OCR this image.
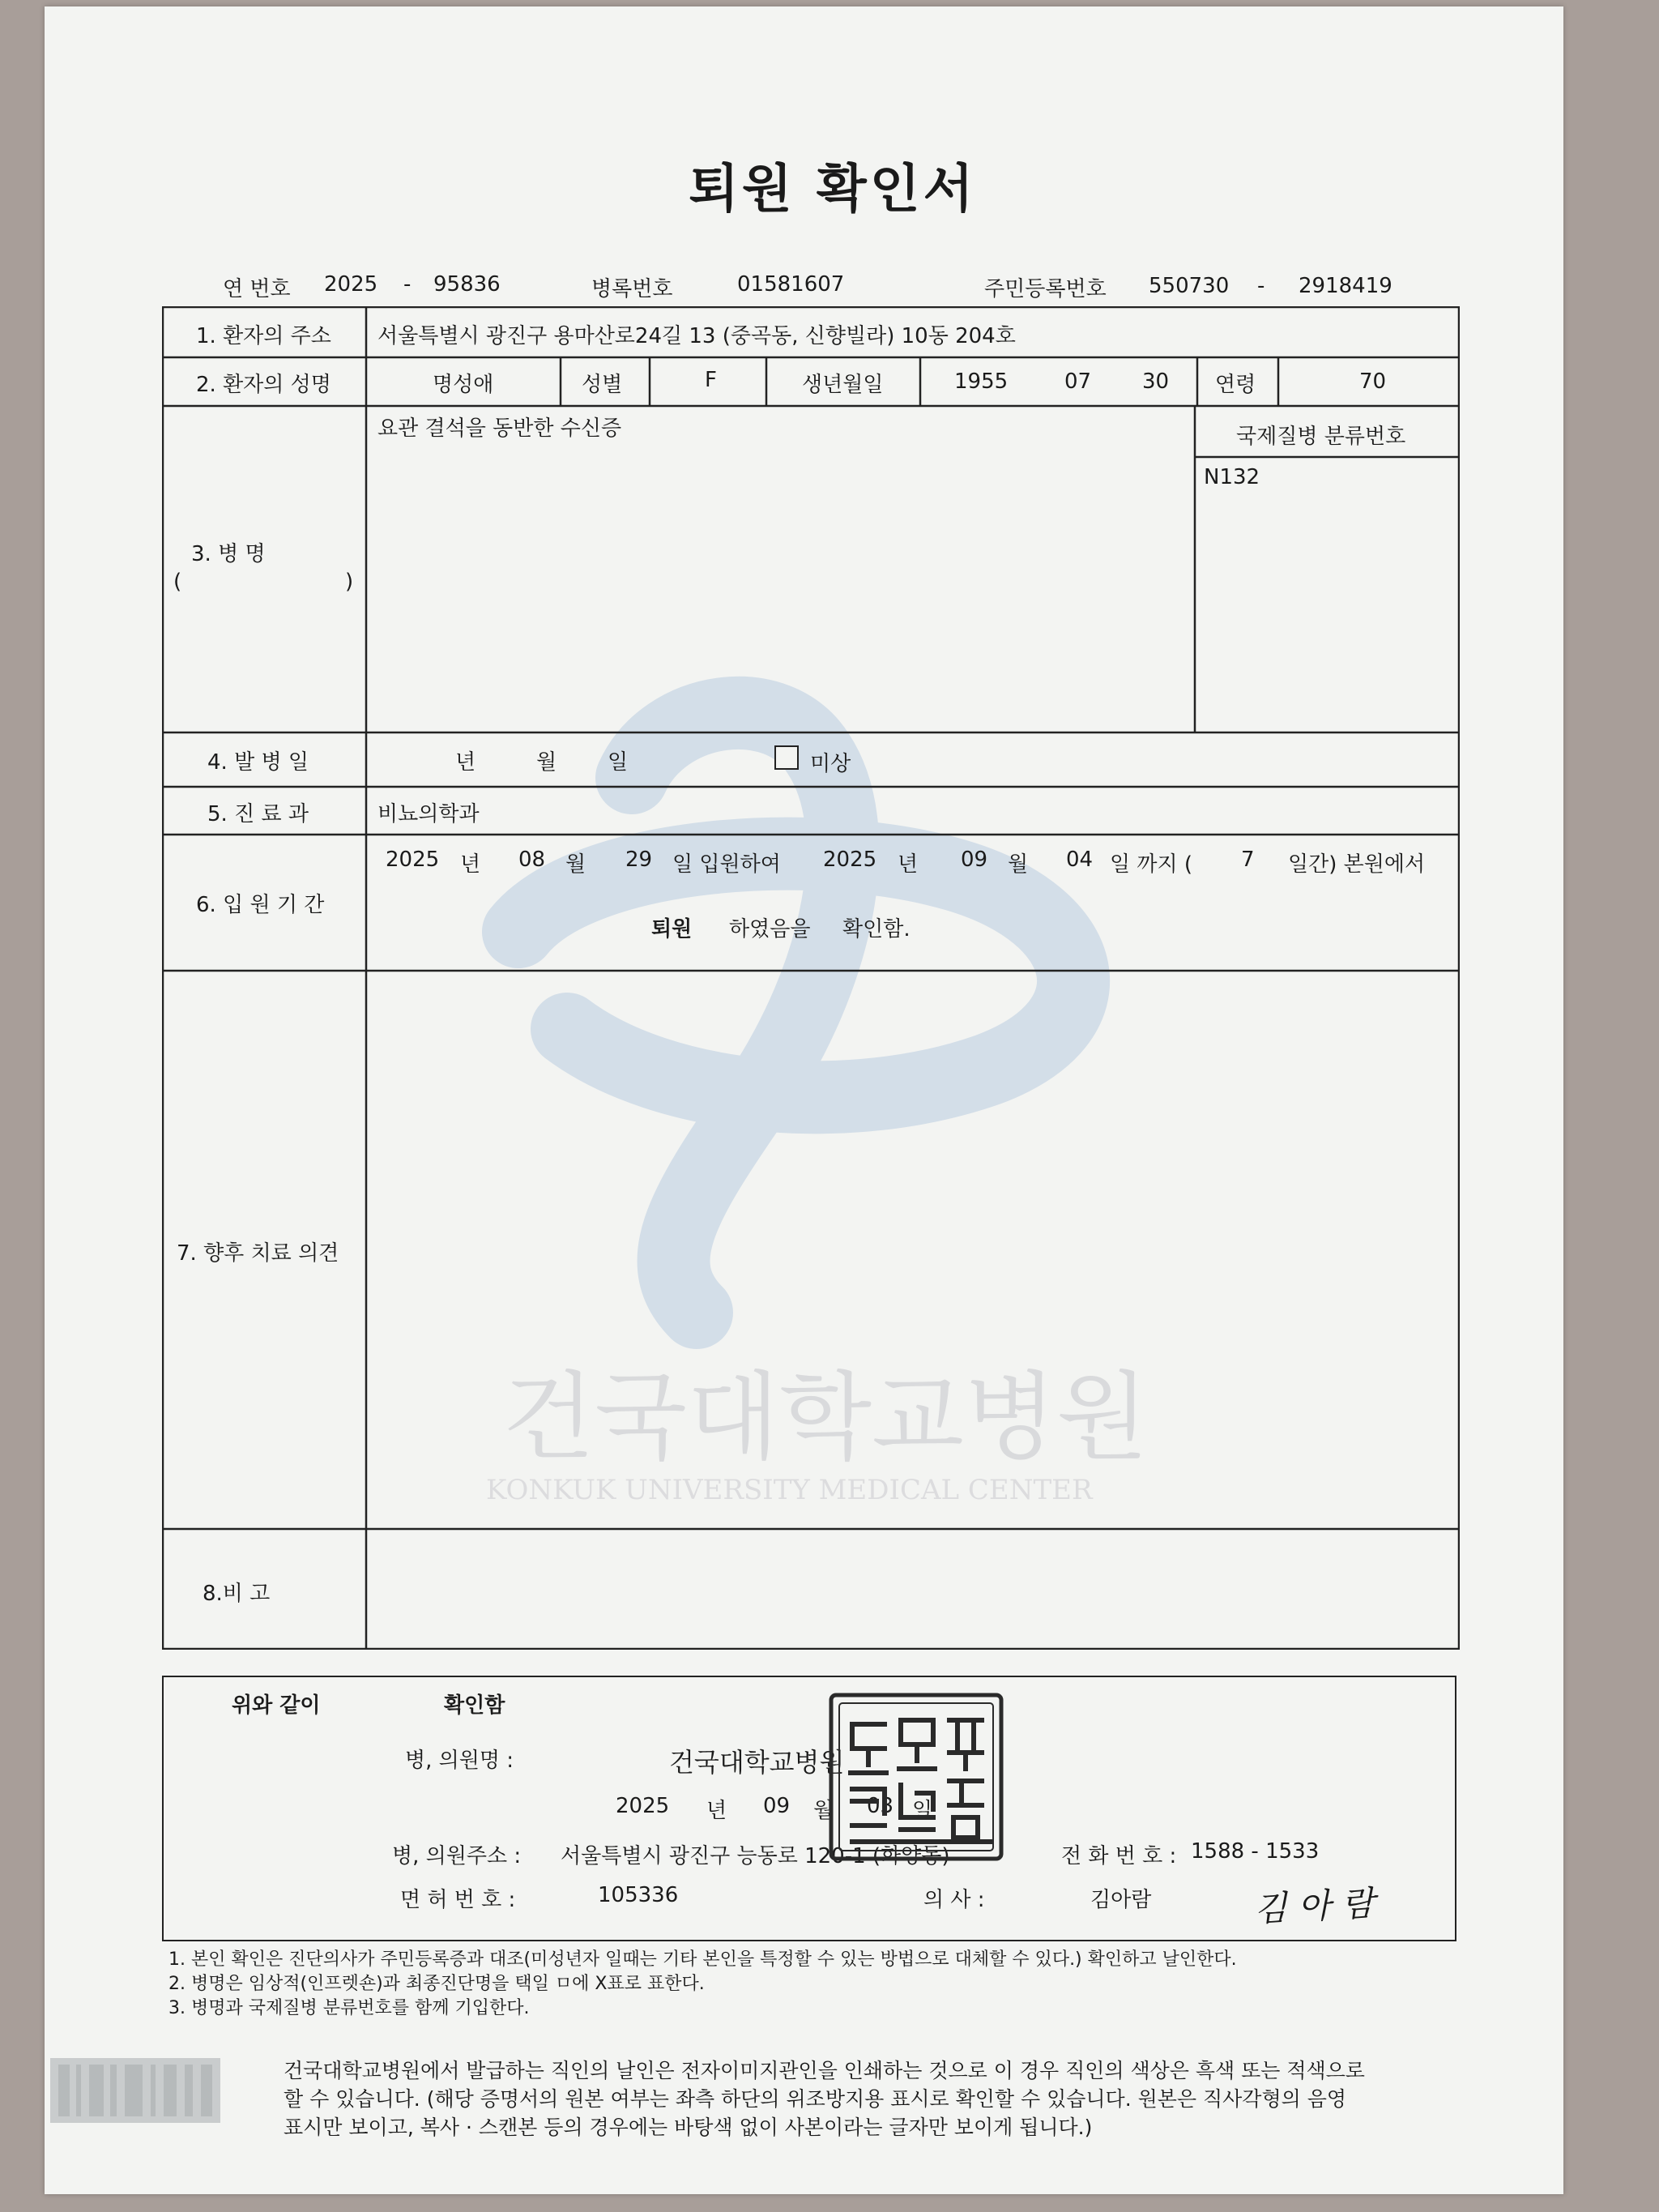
건국대학교병원
KONKUK UNIVERSITY MEDICAL CENTER
퇴원 확인서
연 번호 2025 - 95836	병록번호	01581607	주민등록번호 550730 - 2918419
1. 환자의 주소 서울특별시 광진구 용마산로24길 13 (중곡동, 신향빌라) 10동 204호
2. 환자의 성명	명성애	성별	F	생년월일	1955	07 30 연령	70
3. 병 명
(	)
요관 결석을 동반한 수신증	국제질병 분류번호
N132
4. 발 병 일	년	월 일	미상
5. 진 료 과	비뇨의학과
6. 입 원 기 간
2025 년 08 월 29 일 입원하여 2025 년 09 월 04 일 까지 ( 7 일간) 본원에서
퇴원 하였음을 확인함.
7. 향후 치료 의견
8.비 고
위와 같이	확인함
병, 의원명 :	건국대학교병원
2025 년 09 월 03 일
병, 의원주소 : 서울특별시 광진구 능동로 120-1 (화양동)	전 화 번 호 : 1588 - 1533
면 허 번 호 :	105336	의 사 :	김아람	김 아 람
1. 본인 확인은 진단의사가 주민등록증과 대조(미성년자 일때는 기타 본인을 특정할 수 있는 방법으로 대체할 수 있다.) 확인하고 날인한다.
2. 병명은 임상적(인프렛숀)과 최종진단명을 택일 ㅁ에 X표로 표한다.
3. 병명과 국제질병 분류번호를 함께 기입한다.
건국대학교병원에서 발급하는 직인의 날인은 전자이미지관인을 인쇄하는 것으로 이 경우 직인의 색상은 흑색 또는 적색으로
할 수 있습니다. (해당 증명서의 원본 여부는 좌측 하단의 위조방지용 표시로 확인할 수 있습니다. 원본은 직사각형의 음영
표시만 보이고, 복사 · 스캔본 등의 경우에는 바탕색 없이 사본이라는 글자만 보이게 됩니다.)
